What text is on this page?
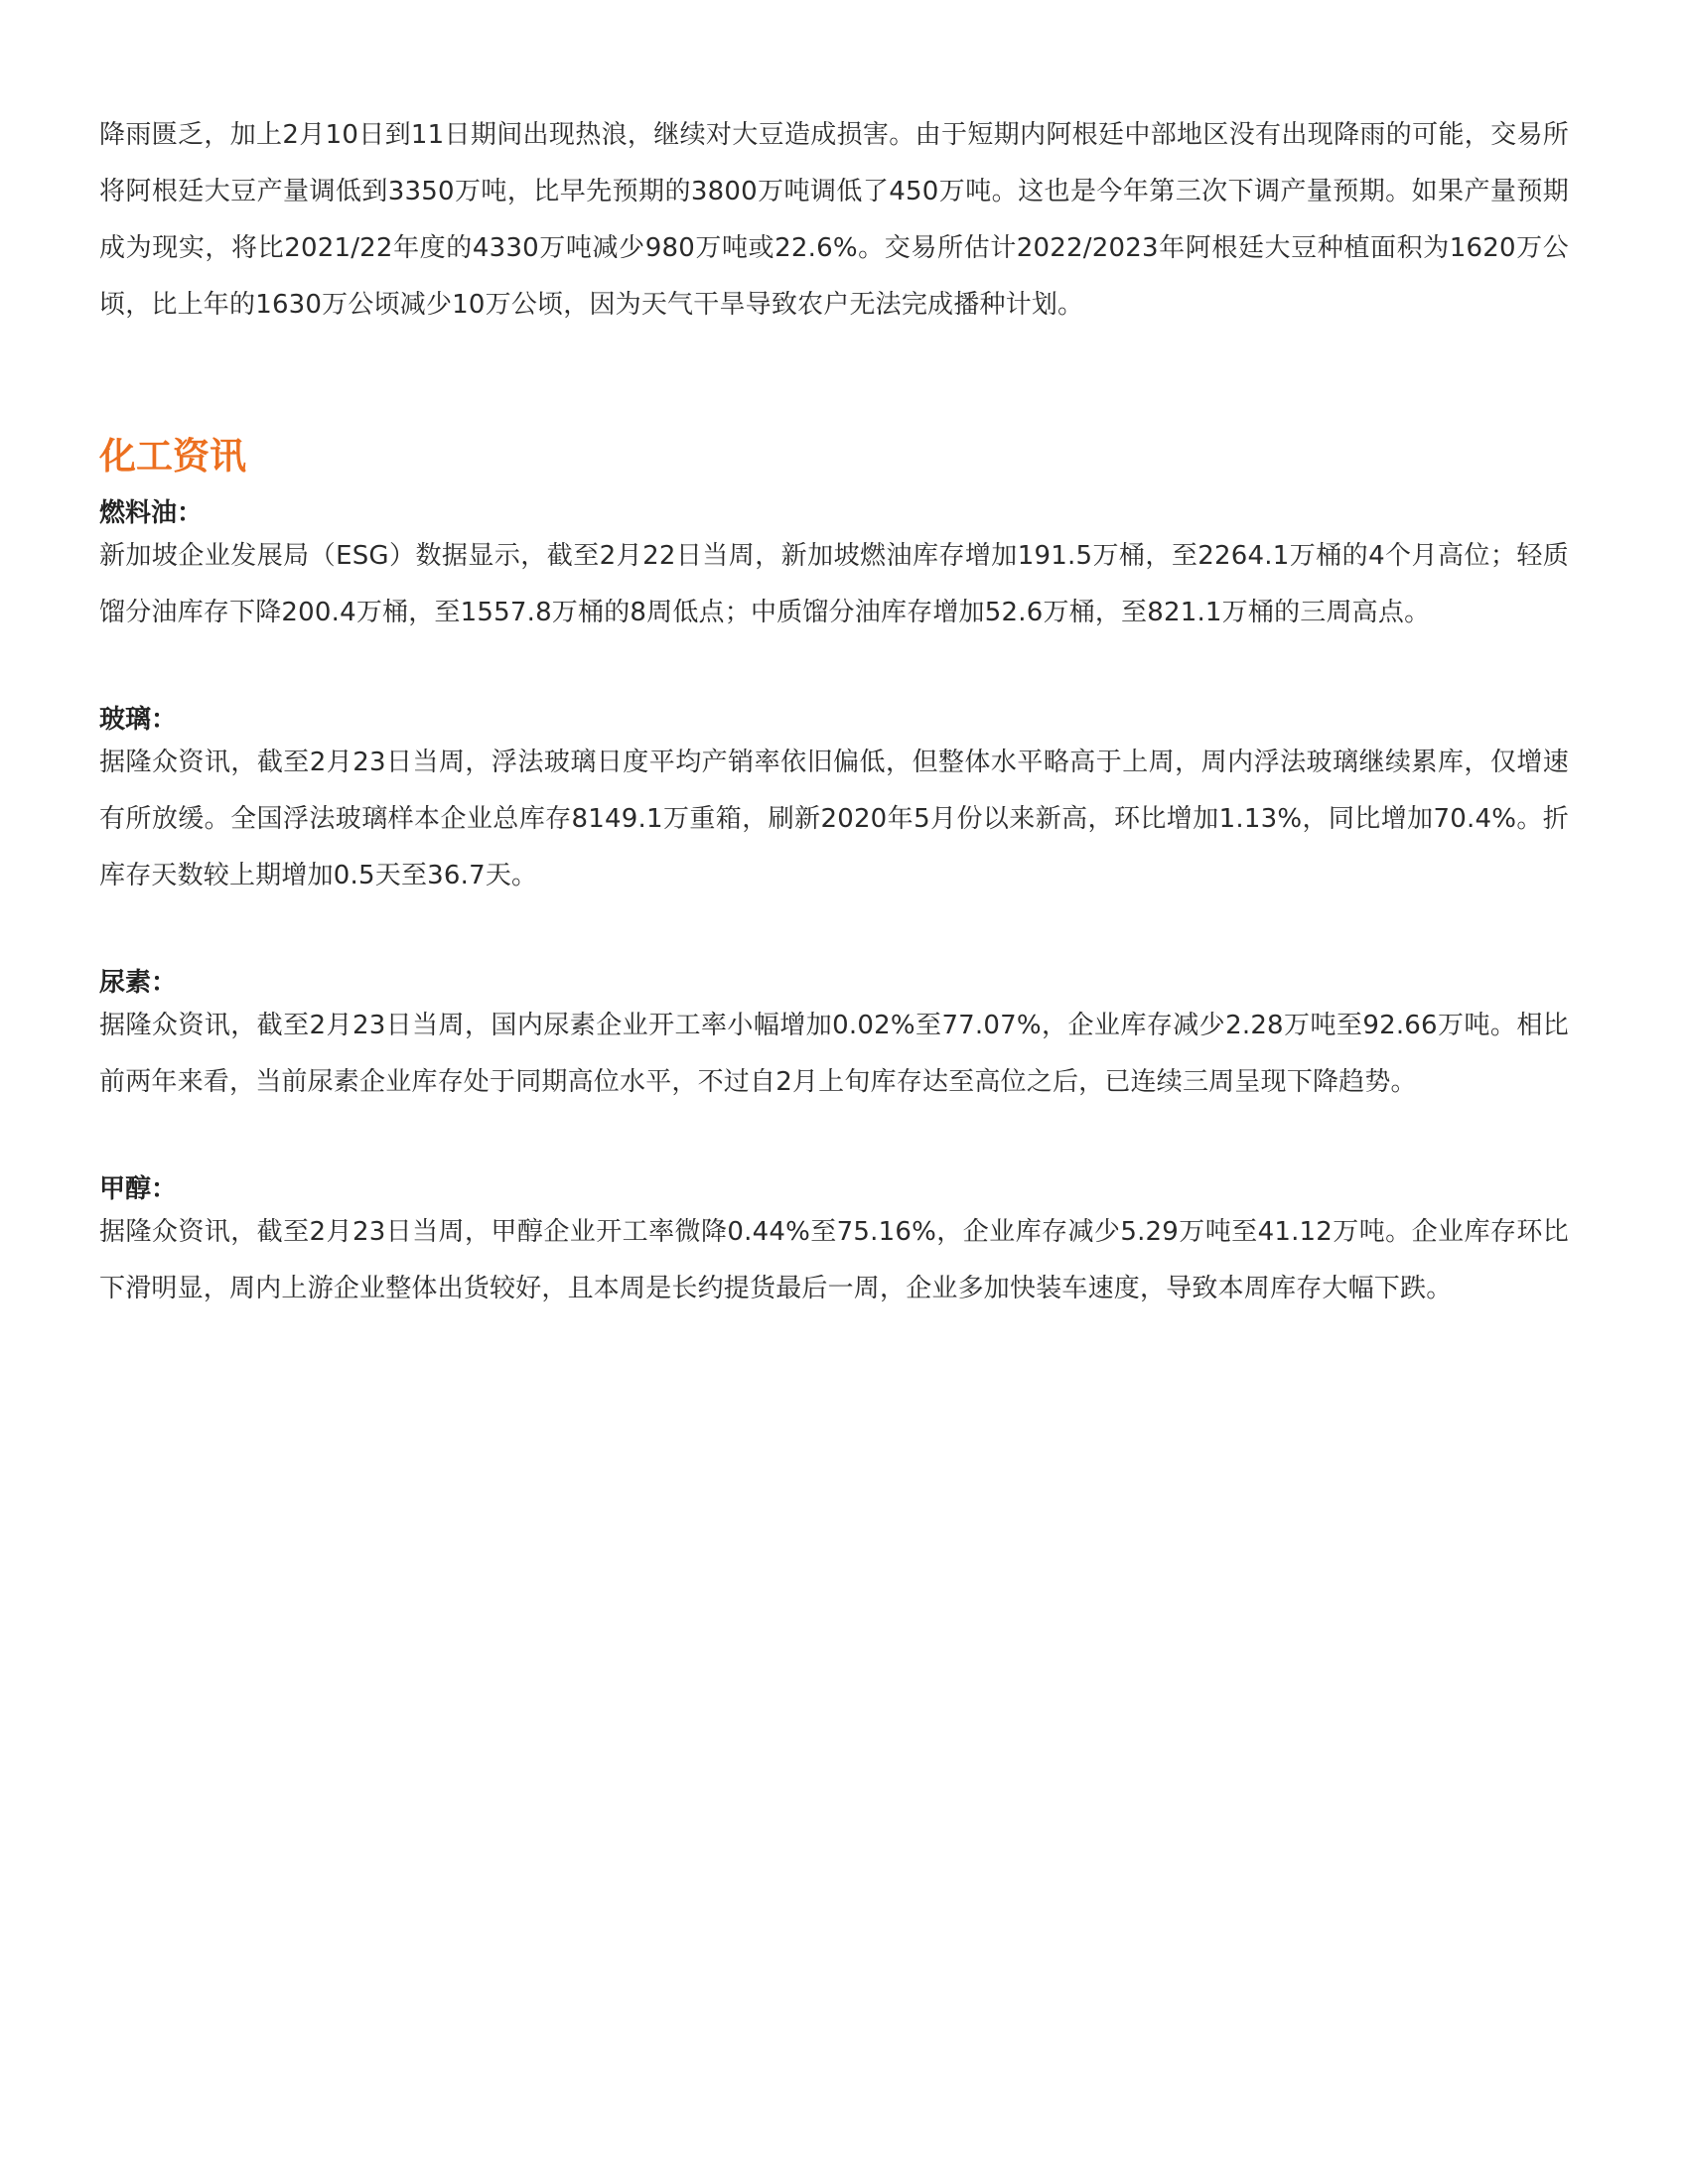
降雨匮乏，加上2月10日到11日期间出现热浪，继续对大豆造成损害。由于短期内阿根廷中部地区没有出现降雨的可能，交易所将阿根廷大豆产量调低到3350万吨，比早先预期的3800万吨调低了450万吨。这也是今年第三次下调产量预期。如果产量预期成为现实，将比2021/22年度的4330万吨减少980万吨或22.6%。交易所估计2022/2023年阿根廷大豆种植面积为1620万公顷，比上年的1630万公顷减少10万公顷，因为天气干旱导致农户无法完成播种计划。

化工资讯
燃料油：

新加坡企业发展局（ESG）数据显示，截至2月22日当周，新加坡燃油库存增加191.5万桶，至2264.1万桶的4个月高位；轻质馏分油库存下降200.4万桶，至1557.8万桶的8周低点；中质馏分油库存增加52.6万桶，至821.1万桶的三周高点。

玻璃：

据隆众资讯，截至2月23日当周，浮法玻璃日度平均产销率依旧偏低，但整体水平略高于上周，周内浮法玻璃继续累库，仅增速有所放缓。全国浮法玻璃样本企业总库存8149.1万重箱，刷新2020年5月份以来新高，环比增加1.13%，同比增加70.4%。折库存天数较上期增加0.5天至36.7天。

尿素：

据隆众资讯，截至2月23日当周，国内尿素企业开工率小幅增加0.02%至77.07%，企业库存减少2.28万吨至92.66万吨。相比前两年来看，当前尿素企业库存处于同期高位水平，不过自2月上旬库存达至高位之后，已连续三周呈现下降趋势。

甲醇：

据隆众资讯，截至2月23日当周，甲醇企业开工率微降0.44%至75.16%，企业库存减少5.29万吨至41.12万吨。企业库存环比下滑明显，周内上游企业整体出货较好，且本周是长约提货最后一周，企业多加快装车速度，导致本周库存大幅下跌。
